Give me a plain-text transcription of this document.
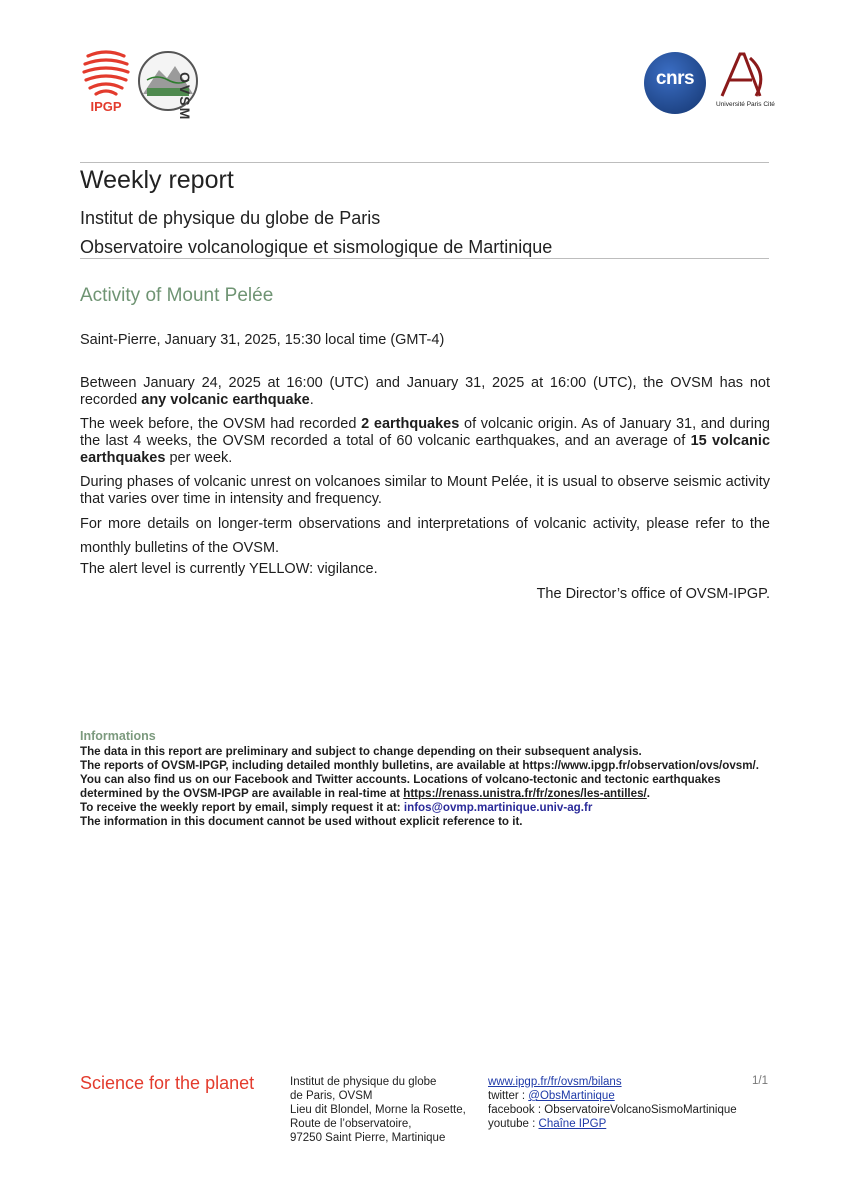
IPGP	OVSM	cnrs
Université Paris Cité
Weekly report
Institut de physique du globe de Paris
Observatoire volcanologique et sismologique de Martinique
Activity of Mount Pelée
Saint-Pierre, January 31, 2025, 15:30 local time (GMT-4)

Between January 24, 2025 at 16:00 (UTC) and January 31, 2025 at 16:00 (UTC), the OVSM has not recorded any volcanic earthquake.

The week before, the OVSM had recorded 2 earthquakes of volcanic origin. As of January 31, and during the last 4 weeks, the OVSM recorded a total of 60 volcanic earthquakes, and an average of 15 volcanic earthquakes per week.

During phases of volcanic unrest on volcanoes similar to Mount Pelée, it is usual to observe seismic activity that varies over time in intensity and frequency.

For more details on longer-term observations and interpretations of volcanic activity, please refer to the monthly bulletins of the OVSM.

The alert level is currently YELLOW: vigilance.

The Director’s office of OVSM-IPGP.

Informations
The data in this report are preliminary and subject to change depending on their subsequent analysis.
The reports of OVSM-IPGP, including detailed monthly bulletins, are available at https://www.ipgp.fr/observation/ovs/ovsm/. You can also find us on our Facebook and Twitter accounts. Locations of volcano-tectonic and tectonic earthquakes determined by the OVSM-IPGP are available in real-time at https://renass.unistra.fr/fr/zones/les-antilles/.
To receive the weekly report by email, simply request it at: infos@ovmp.martinique.univ-ag.fr
The information in this document cannot be used without explicit reference to it.
Science for the planet	Institut de physique du globe
de Paris, OVSM
Lieu dit Blondel, Morne la Rosette,
Route de l’observatoire,
97250 Saint Pierre, Martinique
www.ipgp.fr/fr/ovsm/bilans
twitter : @ObsMartinique
facebook : ObservatoireVolcanoSismoMartinique
youtube : Chaîne IPGP
1/1
